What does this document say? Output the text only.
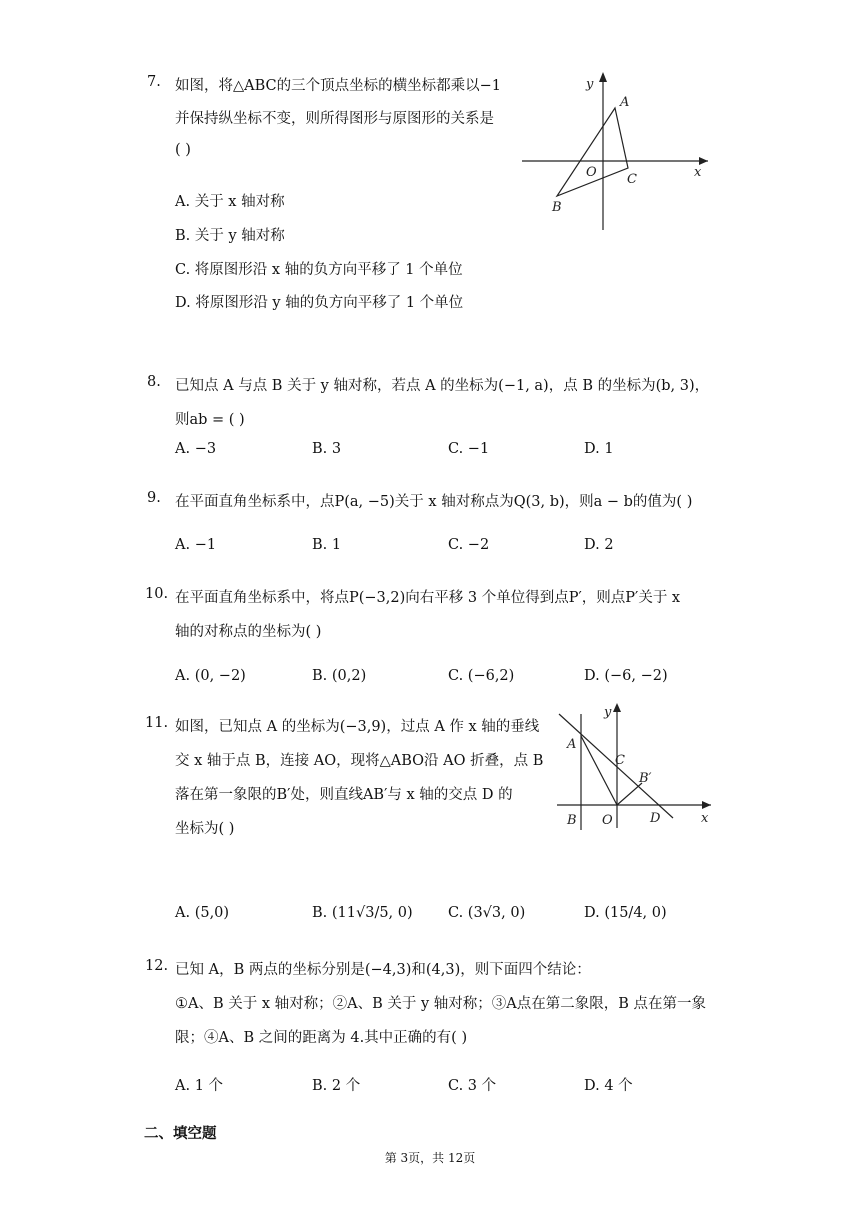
7. 如图，将△ABC的三个顶点坐标的横坐标都乘以−1
并保持纵坐标不变，则所得图形与原图形的关系是
( )
A. 关于 x 轴对称
B. 关于 y 轴对称
C. 将原图形沿 x 轴的负方向平移了 1 个单位
D. 将原图形沿 y 轴的负方向平移了 1 个单位
y
x
O
A
B
C
8. 已知点 A 与点 B 关于 y 轴对称，若点 A 的坐标为(−1, a)，点 B 的坐标为(b, 3)，
则ab = ( )
A. −3	B. 3	C. −1	D. 1
9. 在平面直角坐标系中，点P(a, −5)关于 x 轴对称点为Q(3, b)，则a − b的值为( )
A. −1	B. 1	C. −2	D. 2
10. 在平面直角坐标系中，将点P(−3,2)向右平移 3 个单位得到点P′，则点P′关于 x
轴的对称点的坐标为( )
A. (0, −2)	B. (0,2)	C. (−6,2)	D. (−6, −2)
11. 如图，已知点 A 的坐标为(−3,9)，过点 A 作 x 轴的垂线
交 x 轴于点 B，连接 AO，现将△ABO沿 AO 折叠，点 B
落在第一象限的B′处，则直线AB′与 x 轴的交点 D 的
坐标为( )
y
x
A
B
C
O
B′
D
A. (5,0)	B. (11√3/5, 0) C. (3√3, 0)	D. (15/4, 0)
12. 已知 A，B 两点的坐标分别是(−4,3)和(4,3)，则下面四个结论：
①A、B 关于 x 轴对称；②A、B 关于 y 轴对称；③A点在第二象限，B 点在第一象
限；④A、B 之间的距离为 4.其中正确的有( )
A. 1 个	B. 2 个	C. 3 个	D. 4 个
二、填空题
第 3页，共 12页
